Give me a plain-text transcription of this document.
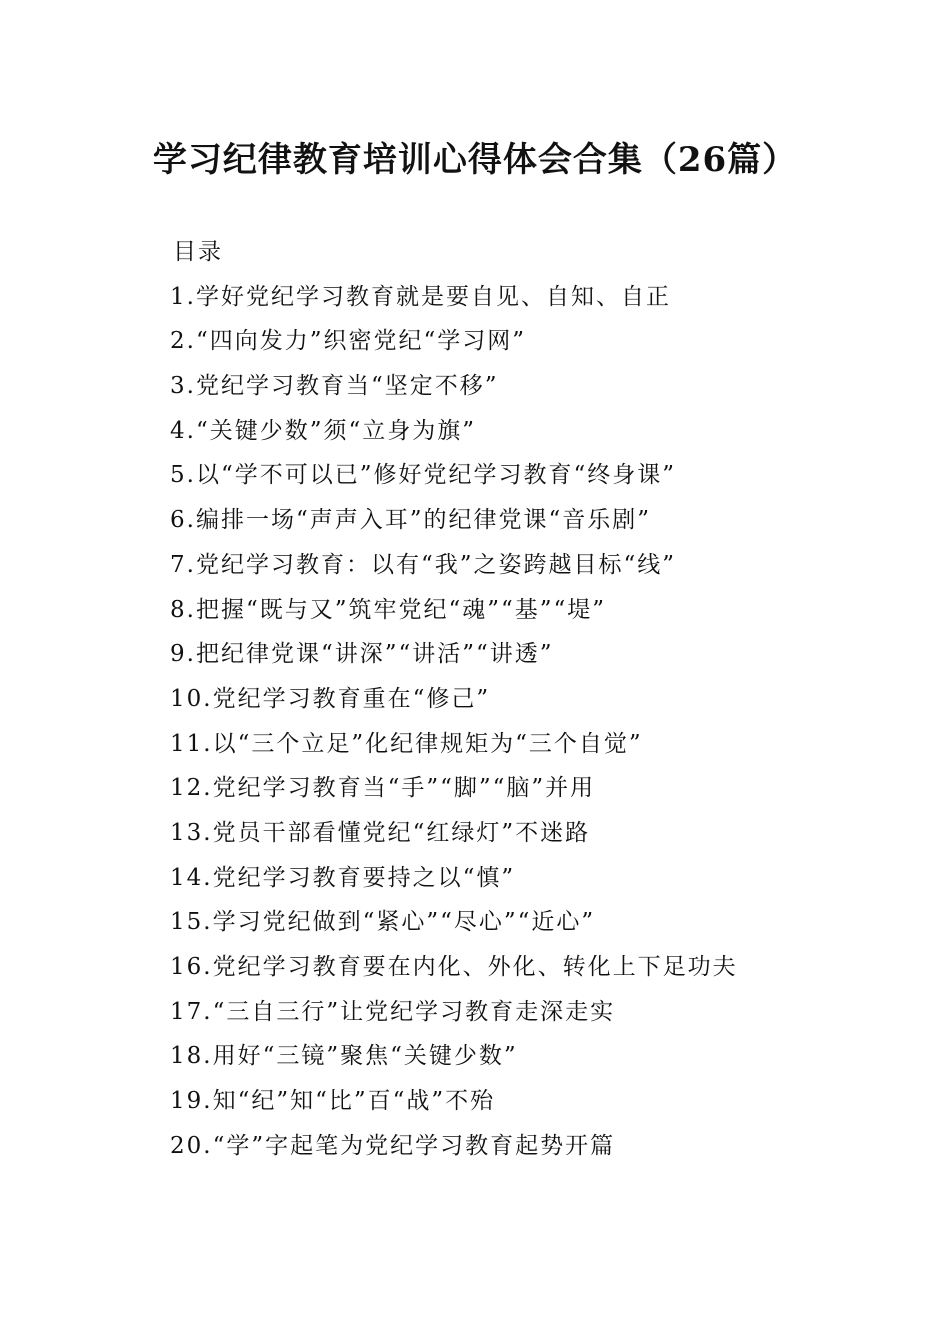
学习纪律教育培训心得体会合集（26篇）
目录
1.学好党纪学习教育就是要自见、自知、自正
2.“四向发力”织密党纪“学习网”
3.党纪学习教育当“坚定不移”
4.“关键少数”须“立身为旗”
5.以“学不可以已”修好党纪学习教育“终身课”
6.编排一场“声声入耳”的纪律党课“音乐剧”
7.党纪学习教育：以有“我”之姿跨越目标“线”
8.把握“既与又”筑牢党纪“魂”“基”“堤”
9.把纪律党课“讲深”“讲活”“讲透”
10.党纪学习教育重在“修己”
11.以“三个立足”化纪律规矩为“三个自觉”
12.党纪学习教育当“手”“脚”“脑”并用
13.党员干部看懂党纪“红绿灯”不迷路
14.党纪学习教育要持之以“慎”
15.学习党纪做到“紧心”“尽心”“近心”
16.党纪学习教育要在内化、外化、转化上下足功夫
17.“三自三行”让党纪学习教育走深走实
18.用好“三镜”聚焦“关键少数”
19.知“纪”知“比”百“战”不殆
20.“学”字起笔为党纪学习教育起势开篇
